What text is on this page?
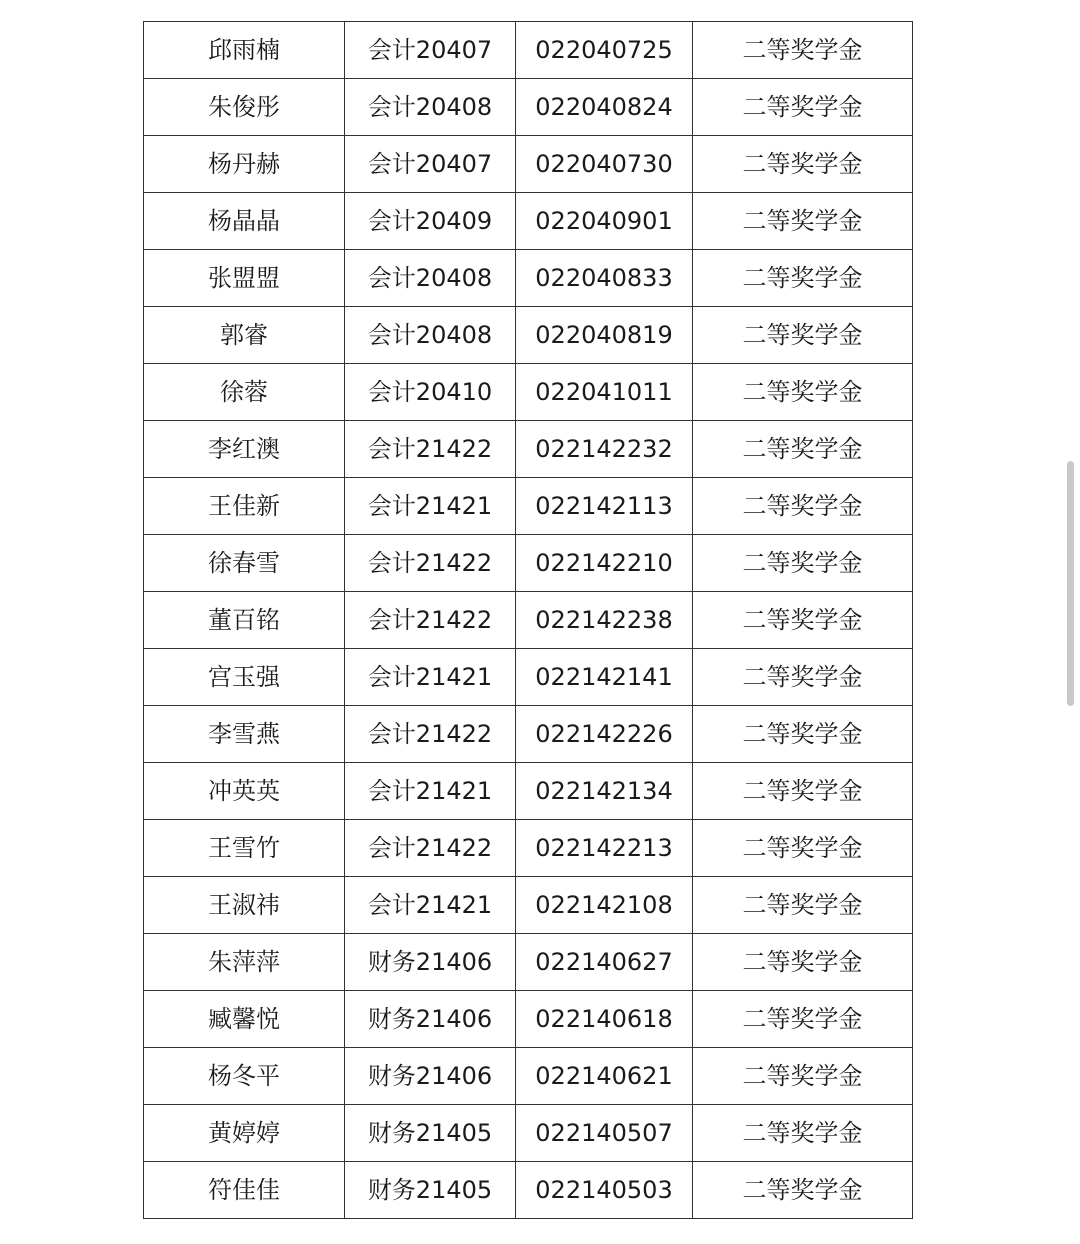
邱雨楠	会计20407	022040725	二等奖学金
朱俊彤	会计20408	022040824	二等奖学金
杨丹赫	会计20407	022040730	二等奖学金
杨晶晶	会计20409	022040901	二等奖学金
张盟盟	会计20408	022040833	二等奖学金
郭睿	会计20408	022040819	二等奖学金
徐蓉	会计20410	022041011	二等奖学金
李红澳	会计21422	022142232	二等奖学金
王佳新	会计21421	022142113	二等奖学金
徐春雪	会计21422	022142210	二等奖学金
董百铭	会计21422	022142238	二等奖学金
宫玉强	会计21421	022142141	二等奖学金
李雪燕	会计21422	022142226	二等奖学金
冲英英	会计21421	022142134	二等奖学金
王雪竹	会计21422	022142213	二等奖学金
王淑祎	会计21421	022142108	二等奖学金
朱萍萍	财务21406	022140627	二等奖学金
臧馨悦	财务21406	022140618	二等奖学金
杨冬平	财务21406	022140621	二等奖学金
黄婷婷	财务21405	022140507	二等奖学金
符佳佳	财务21405	022140503	二等奖学金
